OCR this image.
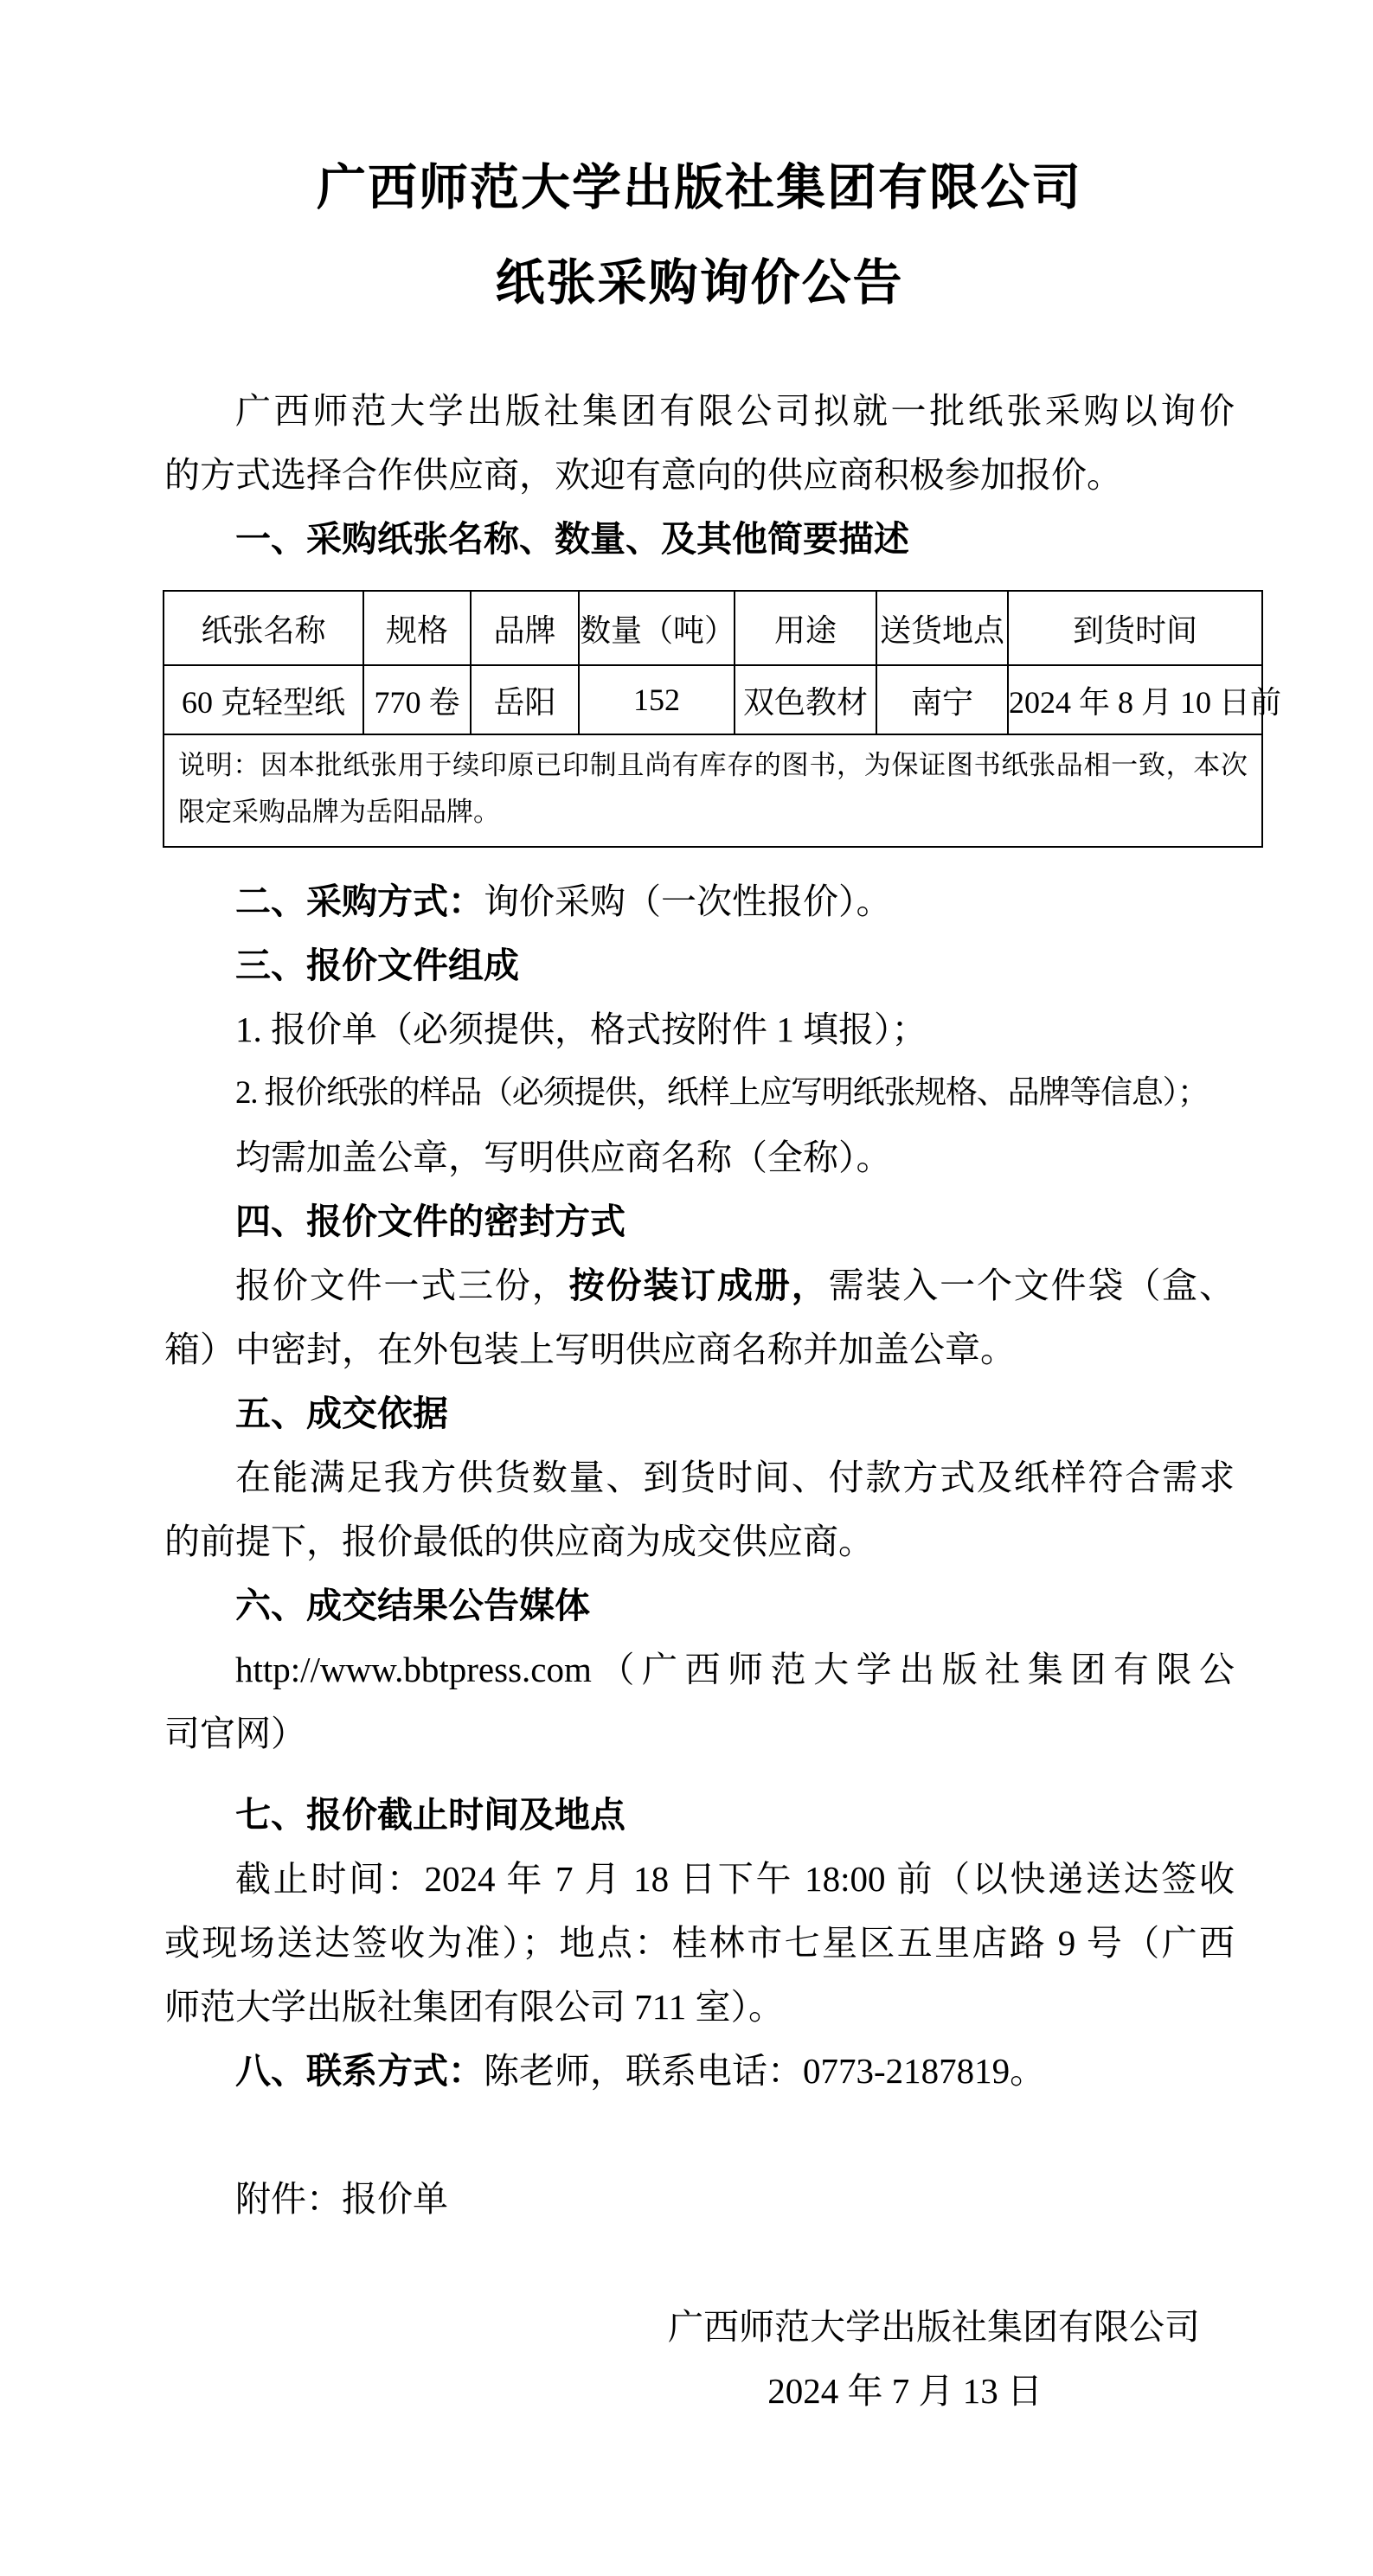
广西师范大学出版社集团有限公司
纸张采购询价公告
广西师范大学出版社集团有限公司拟就一批纸张采购以询价
的方式选择合作供应商，欢迎有意向的供应商积极参加报价。
一、采购纸张名称、数量、及其他简要描述
纸张名称	规格	品牌	数量（吨）	用途	送货地点	到货时间
60 克轻型纸	770 卷	岳阳	152	双色教材	南宁	2024 年 8 月 10 日前
说明：因本批纸张用于续印原已印制且尚有库存的图书，为保证图书纸张品相一致，本次限定采购品牌为岳阳品牌。						
二、采购方式：询价采购（一次性报价）。
三、报价文件组成
1. 报价单（必须提供，格式按附件 1 填报）；
2. 报价纸张的样品（必须提供，纸样上应写明纸张规格、品牌等信息）；
均需加盖公章，写明供应商名称（全称）。
四、报价文件的密封方式
报价文件一式三份，按份装订成册，需装入一个文件袋（盒、
箱）中密封，在外包装上写明供应商名称并加盖公章。
五、成交依据
在能满足我方供货数量、到货时间、付款方式及纸样符合需求
的前提下，报价最低的供应商为成交供应商。
六、成交结果公告媒体
http://www.bbtpress.com（广西师范大学出版社集团有限公
司官网）
七、报价截止时间及地点
截止时间：2024 年 7 月 18 日下午 18:00 前（以快递送达签收
或现场送达签收为准）；地点：桂林市七星区五里店路 9 号（广西
师范大学出版社集团有限公司 711 室）。
八、联系方式：陈老师，联系电话：0773-2187819。
附件：报价单
广西师范大学出版社集团有限公司
2024 年 7 月 13 日
